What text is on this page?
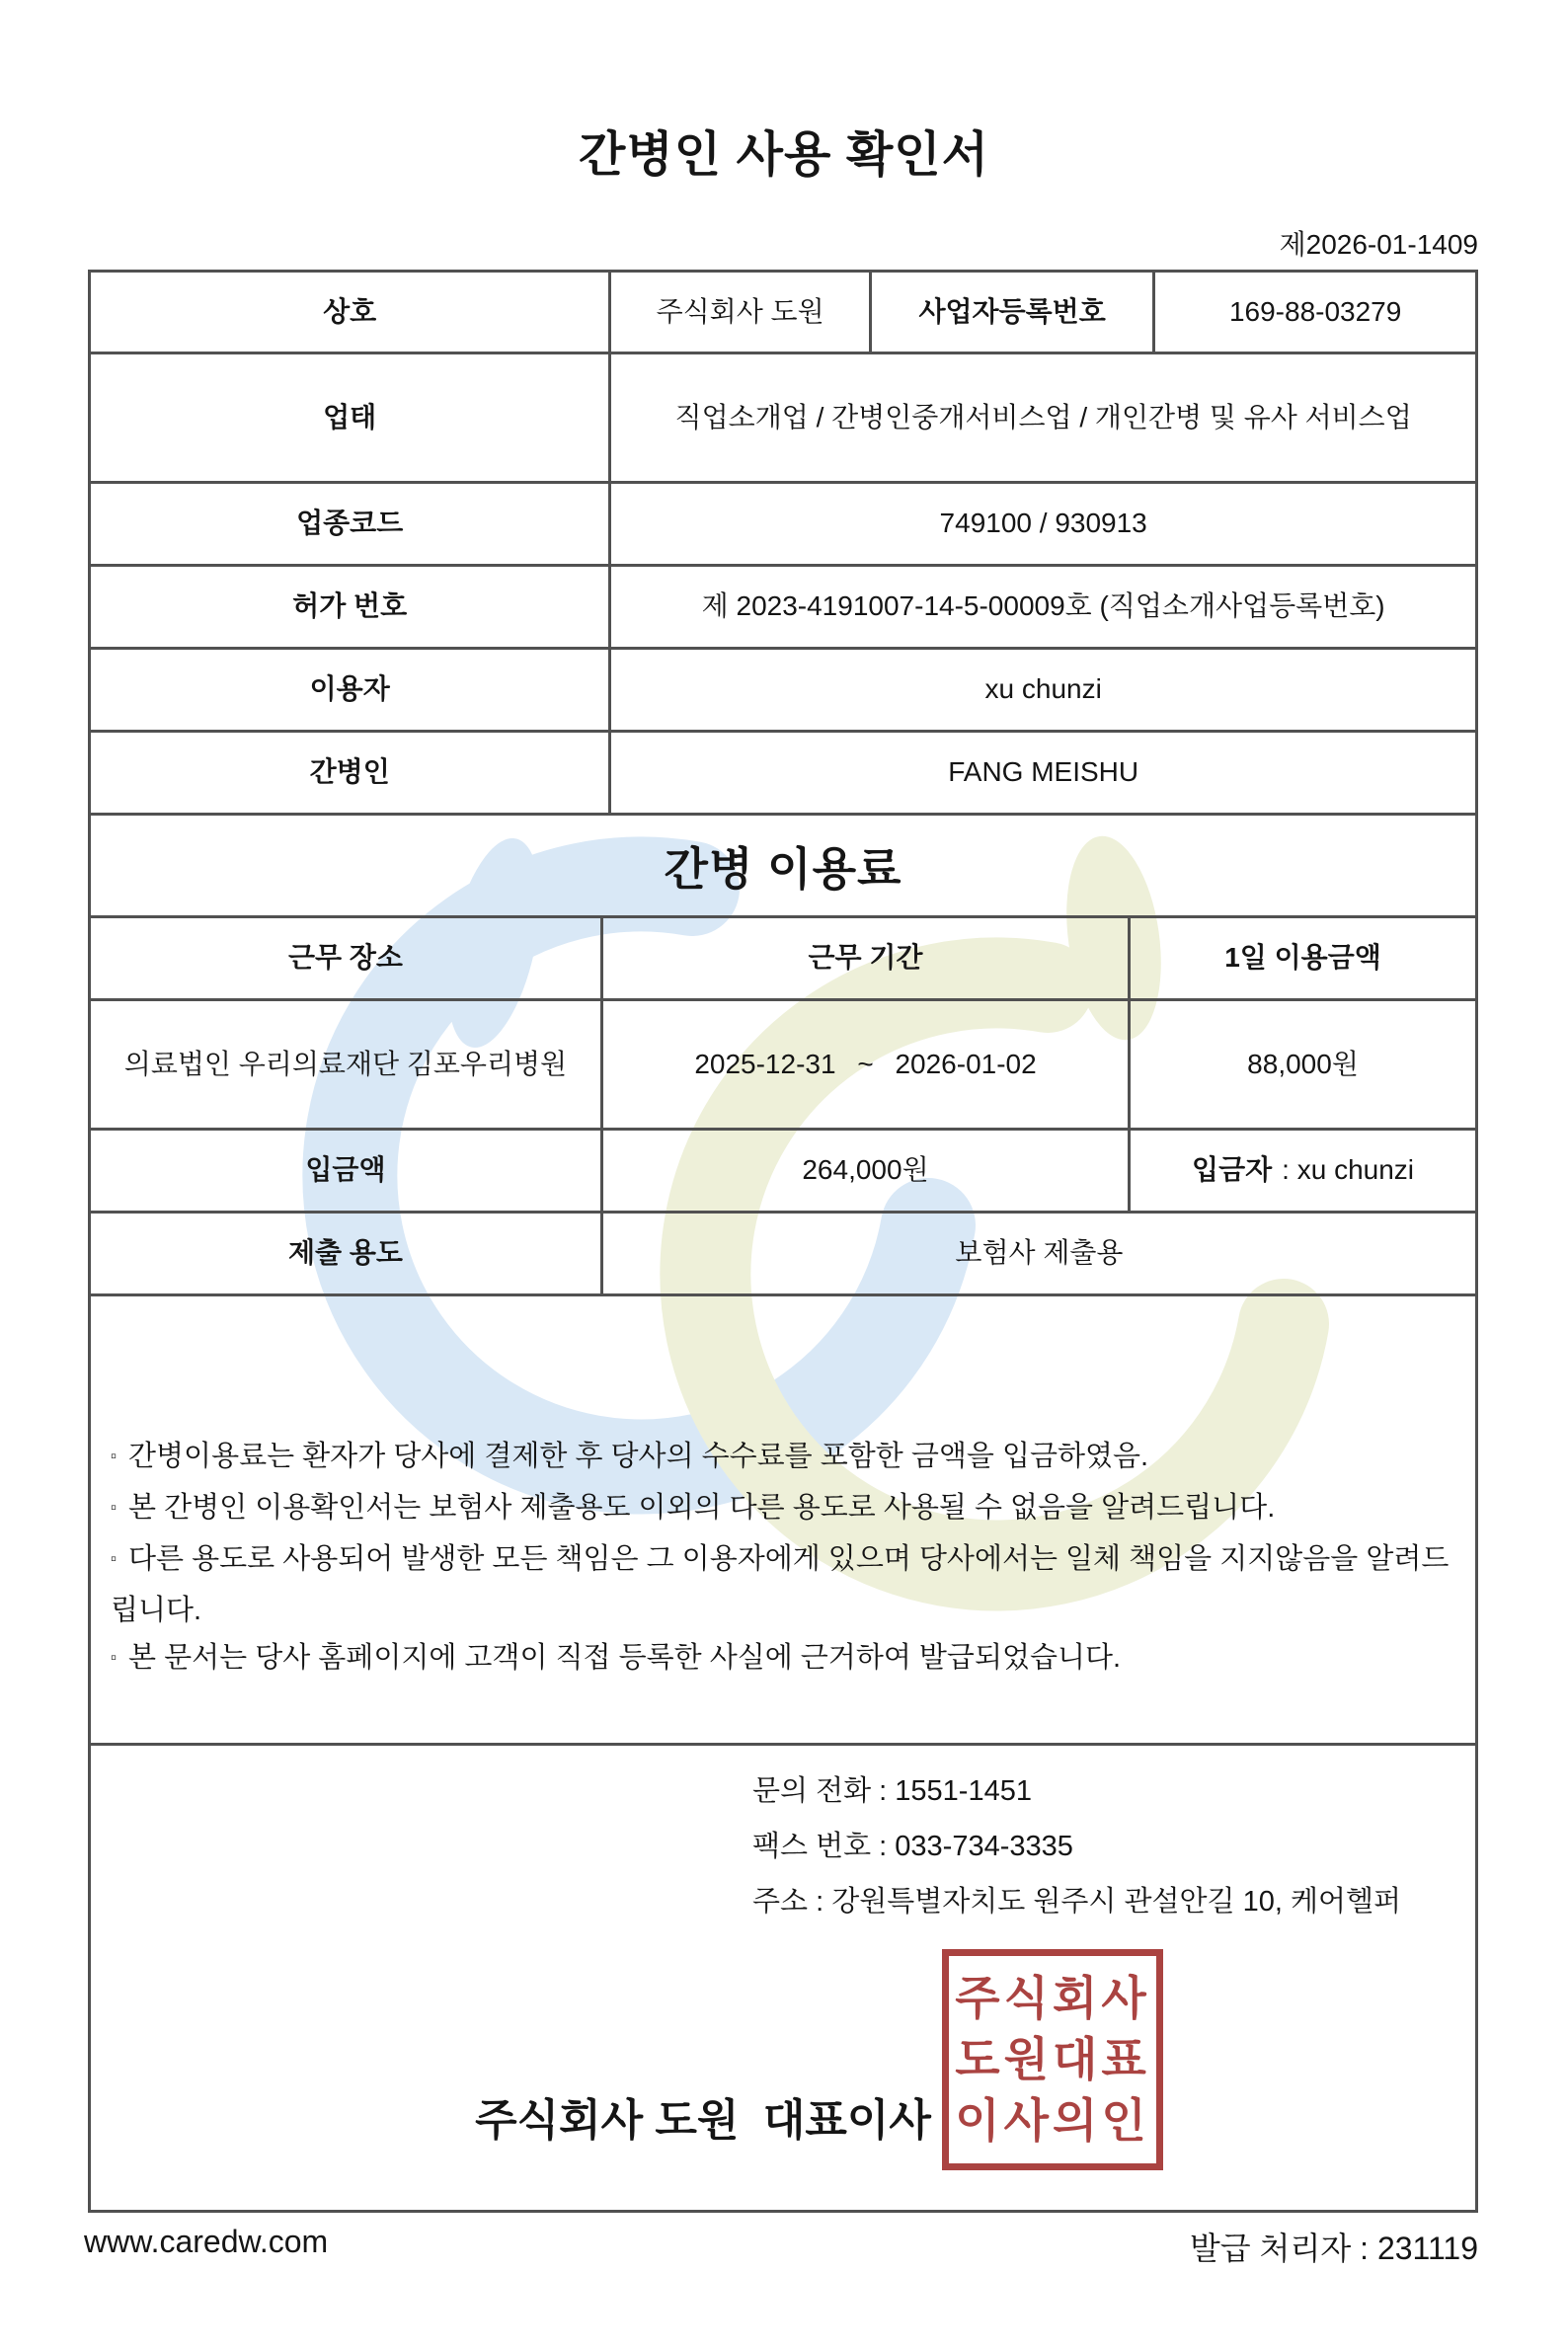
간병인 사용 확인서
제2026-01-1409
상호	주식회사 도원	사업자등록번호	169-88-03279
업태	직업소개업 / 간병인중개서비스업 / 개인간병 및 유사 서비스업
업종코드	749100 / 930913
허가 번호	제 2023-4191007-14-5-00009호 (직업소개사업등록번호)
이용자	xu chunzi
간병인	FANG MEISHU
간병 이용료
근무 장소	근무 기간	1일 이용금액
의료법인 우리의료재단 김포우리병원	2025-12-31 ~ 2026-01-02	88,000원
입금액	264,000원	입금자 : xu chunzi
제출 용도	보험사 제출용

▫ 간병이용료는 환자가 당사에 결제한 후 당사의 수수료를 포함한 금액을 입금하였음.

▫ 본 간병인 이용확인서는 보험사 제출용도 이외의 다른 용도로 사용될 수 없음을 알려드립니다.

▫ 다른 용도로 사용되어 발생한 모든 책임은 그 이용자에게 있으며 당사에서는 일체 책임을 지지않음을 알려드립니다.

▫ 본 문서는 당사 홈페이지에 고객이 직접 등록한 사실에 근거하여 발급되었습니다.

문의 전화 : 1551-1451
팩스 번호 : 033-734-3335
주소 : 강원특별자치도 원주시 관설안길 10, 케어헬퍼
주식회사 도원  대표이사
주식회사
도원대표
이사의인
www.caredw.com	발급 처리자 : 231119
